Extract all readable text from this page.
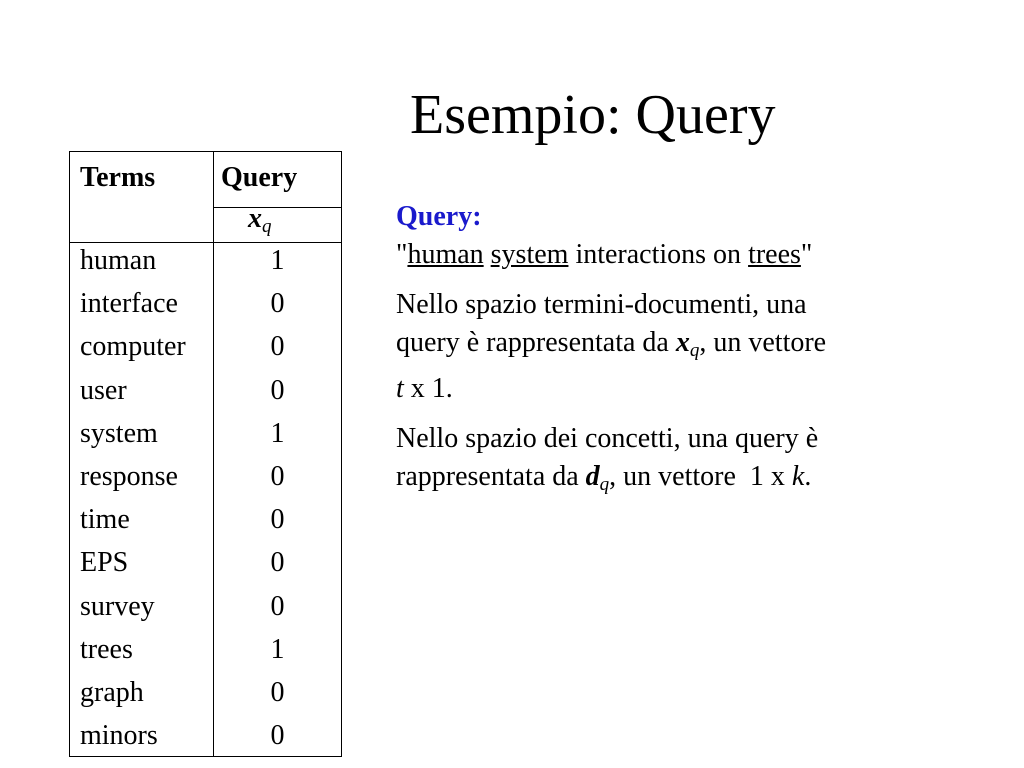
Esempio: Query
Terms Query
$x_q$
human	1
interface	0
computer	0
user	0
system	1
response	0
time	0
EPS	0
survey	0
trees	1
graph	0
minors	0
Query:
"human system interactions on trees"
Nello spazio termini-documenti, una
query è rappresentata da $x_q$, un vettore
t x 1.
Nello spazio dei concetti, una query è
rappresentata da $d_q$, un vettore  1 x k.
